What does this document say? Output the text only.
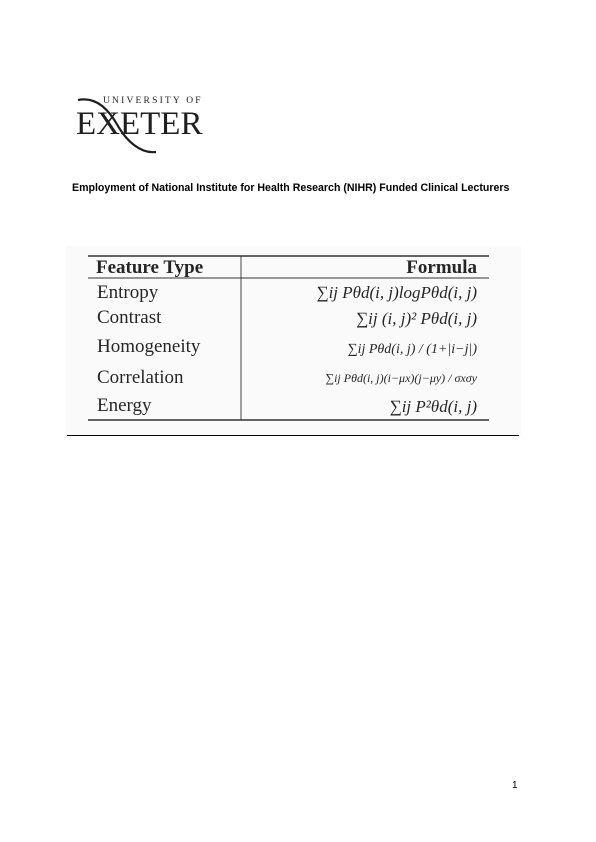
UNIVERSITY OF
EXETER

Employment of National Institute for Health Research (NIHR) Funded Clinical Lecturers

Feature Type	Formula
Entropy
Contrast
Homogeneity
Correlation
Energy
∑ij Pθd(i, j)logPθd(i, j)
∑ij (i, j)² Pθd(i, j)
∑ij Pθd(i, j) / (1+|i−j|)
∑ij Pθd(i, j)(i−μx)(j−μy) / σxσy
∑ij P²θd(i, j)
1
